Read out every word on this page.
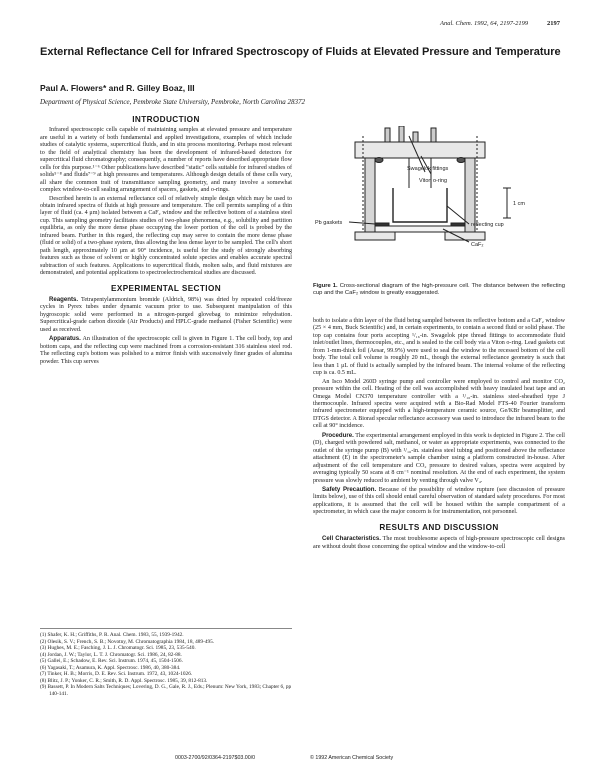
Anal. Chem. 1992, 64, 2197-2199	2197
External Reflectance Cell for Infrared Spectroscopy of Fluids at Elevated Pressure and Temperature
Paul A. Flowers* and R. Gilley Boaz, III
Department of Physical Science, Pembroke State University, Pembroke, North Carolina 28372
INTRODUCTION

Infrared spectroscopic cells capable of maintaining samples at elevated pressure and temperature are useful in a variety of both fundamental and applied investigations, examples of which include studies of catalytic systems, supercritical fluids, and in situ process monitoring. Perhaps most relevant to the field of analytical chemistry has been the development of infrared-based detectors for supercritical fluid chromatography; consequently, a number of reports have described appropriate flow cells for this purpose.¹⁻⁶ Other publications have described "static" cells suitable for infrared studies of solids⁵⁻⁸ and fluids⁷⁻⁹ at high pressures and temperatures. Although design details of these cells vary, all share the common trait of transmittance sampling geometry, and many involve a somewhat complex window-to-cell sealing arrangement of spacers, gaskets, and o-rings.

Described herein is an external reflectance cell of relatively simple design which may be used to obtain infrared spectra of fluids at high pressure and temperature. The cell permits sampling of a thin layer of fluid (ca. 4 μm) isolated between a CaF₂ window and the reflective bottom of a stainless steel cup. This sampling geometry facilitates studies of two-phase phenomena, e.g., solubility and partition equilibria, as only the more dense phase occupying the lower portion of the cell is probed by the infrared beam. Further in this regard, the reflecting cup may serve to contain the more dense phase (fluid or solid) of a two-phase system, thus allowing the less dense layer to be sampled. The cell's short path length, approximately 10 μm at 90° incidence, is useful for the study of strongly absorbing features such as those of solvent or highly concentrated solute species and enables accurate spectral subtraction of such features. Applications to supercritical fluids, molten salts, and fluid mixtures are demonstrated, and potential applications to spectroelectrochemical studies are discussed.

EXPERIMENTAL SECTION

Reagents. Tetrapentylammonium bromide (Aldrich, 98%) was dried by repeated cold/freeze cycles in Pyrex tubes under dynamic vacuum prior to use. Subsequent manipulation of this hygroscopic solid were performed in a nitrogen-purged glovebag to minimize rehydration. Supercritical-grade carbon dioxide (Air Products) and HPLC-grade methanol (Fisher Scientific) were used as received.

Apparatus. An illustration of the spectroscopic cell is given in Figure 1. The cell body, top and bottom caps, and the reflecting cup were machined from a corrosion-resistant 316 stainless steel rod. The reflecting cup's bottom was polished to a mirror finish with successively finer grades of alumina powder. This cup serves

(1) Shafer, K. H.; Griffiths, P. R. Anal. Chem. 1983, 55, 1939-1942.
(2) Olesik, S. V.; French, S. B.; Novotny, M. Chromatographia 1984, 18, 489-495.
(3) Hughes, M. E.; Fasching, J. L. J. Chromatogr. Sci. 1985, 23, 535-540.
(4) Jordan, J. W.; Taylor, L. T. J. Chromatogr. Sci. 1986, 24, 82-88.
(5) Gallei, E.; Schadow, E. Rev. Sci. Instrum. 1974, 45, 1504-1506.
(6) Yagasaki, T.; Asamura, K. Appl. Spectrosc. 1986, 40, 380-384.
(7) Tinker, H. B.; Morris, D. E. Rev. Sci. Instrum. 1972, 43, 1024-1026.
(8) Blitz, J. P.; Yonker, C. R.; Smith, R. D. Appl. Spectrosc. 1985, 39, 812-813.
(9) Bassett, P. In Modern Salts Techniques; Lovering, D. G., Gale, R. J., Eds.; Plenum: New York, 1983; Chapter 6, pp 140-141.
Swagelok fittings
Viton o-ring
Pb gaskets
CaF₂
reflecting cup
1 cm
Figure 1. Cross-sectional diagram of the high-pressure cell. The distance between the reflecting cup and the CaF₂ window is greatly exaggerated.

both to isolate a thin layer of the fluid being sampled between its reflective bottom and a CaF₂ window (25 × 4 mm, Buck Scientific) and, in certain experiments, to contain a second fluid or solid phase. The top cap contains four ports accepting ¹/₁₆-in. Swagelok pipe thread fittings to accommodate fluid inlet/outlet lines, thermocouples, etc., and is sealed to the cell body via a Viton o-ring. Lead gaskets cut from 1-mm-thick foil (Aesar, 99.9%) were used to seal the window to the recessed bottom of the cell body. The total cell volume is roughly 20 mL, though the external reflectance geometry is such that less than 1 μL of fluid is actually sampled by the infrared beam. The internal volume of the reflecting cup is ca. 0.5 mL.

An Isco Model 260D syringe pump and controller were employed to control and monitor CO₂ pressure within the cell. Heating of the cell was accomplished with heavy insulated heat tape and an Omega Model CN370 temperature controller with a ¹/₁₆-in. stainless steel-sheathed type J thermocouple. Infrared spectra were acquired with a Bio-Rad Model FTS-40 Fourier transform infrared spectrometer equipped with a high-temperature ceramic source, Ge/KBr beamsplitter, and DTGS detector. A Biorad specular reflectance accessory was used to introduce the infrared beam to the cell at 90° incidence.

Procedure. The experimental arrangement employed in this work is depicted in Figure 2. The cell (D), charged with powdered salt, methanol, or water as appropriate experiments, was connected to the outlet of the syringe pump (B) with ¹/₁₆-in. stainless steel tubing and positioned above the reflectance attachment (E) in the spectrometer's sample chamber using a platform constructed in-house. After adjustment of the cell temperature and CO₂ pressure to desired values, spectra were acquired by averaging typically 50 scans at 8 cm⁻¹ nominal resolution. At the end of each experiment, the system pressure was slowly reduced to ambient by venting through valve V₄.

Safety Precaution. Because of the possibility of window rupture (see discussion of pressure limits below), use of this cell should entail careful observation of standard safety procedures. For most applications, it is assumed that the cell will be housed within the sample compartment of a spectrometer, in which case the major concern is for instrumentation, not personnel.

RESULTS AND DISCUSSION

Cell Characteristics. The most troublesome aspects of high-pressure spectroscopic cell designs are without doubt those concerning the optical window and the window-to-cell

0003-2700/92/0364-2197$03.00/0	© 1992 American Chemical Society
